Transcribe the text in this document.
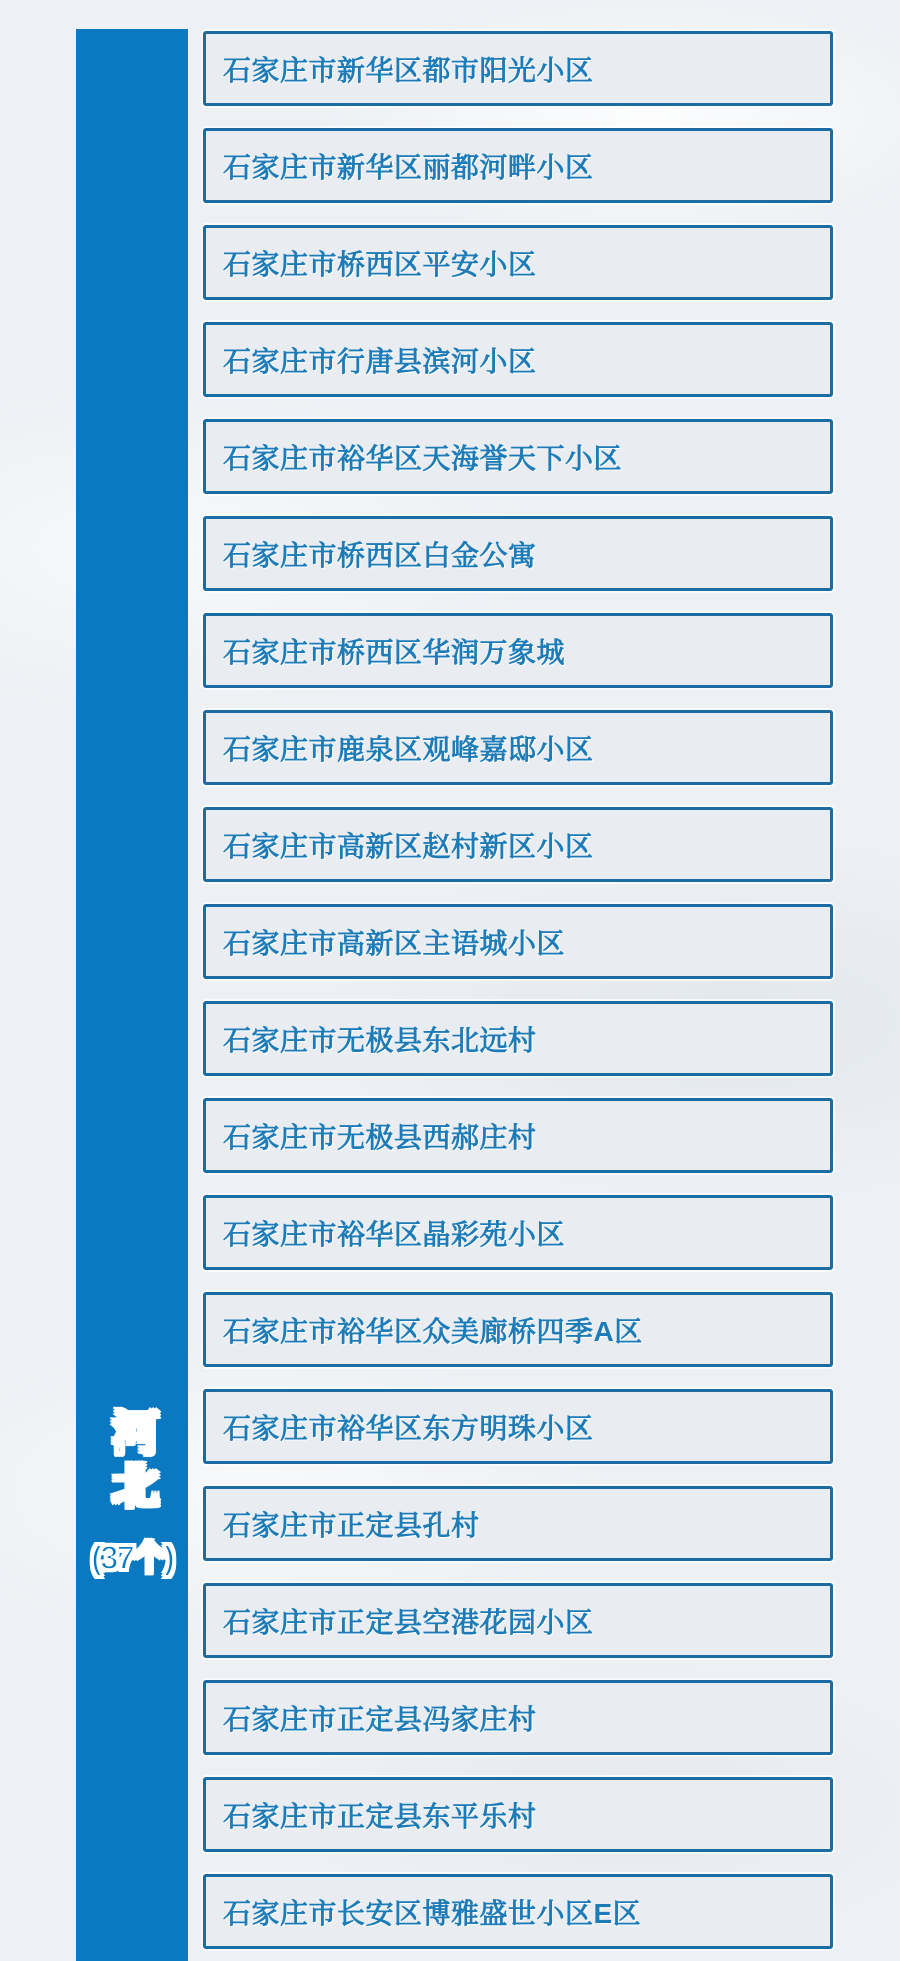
河北
(37个)
石家庄市新华区都市阳光小区
石家庄市新华区丽都河畔小区
石家庄市桥西区平安小区
石家庄市行唐县滨河小区
石家庄市裕华区天海誉天下小区
石家庄市桥西区白金公寓
石家庄市桥西区华润万象城
石家庄市鹿泉区观峰嘉邸小区
石家庄市高新区赵村新区小区
石家庄市高新区主语城小区
石家庄市无极县东北远村
石家庄市无极县西郝庄村
石家庄市裕华区晶彩苑小区
石家庄市裕华区众美廊桥四季A区
石家庄市裕华区东方明珠小区
石家庄市正定县孔村
石家庄市正定县空港花园小区
石家庄市正定县冯家庄村
石家庄市正定县东平乐村
石家庄市长安区博雅盛世小区E区
